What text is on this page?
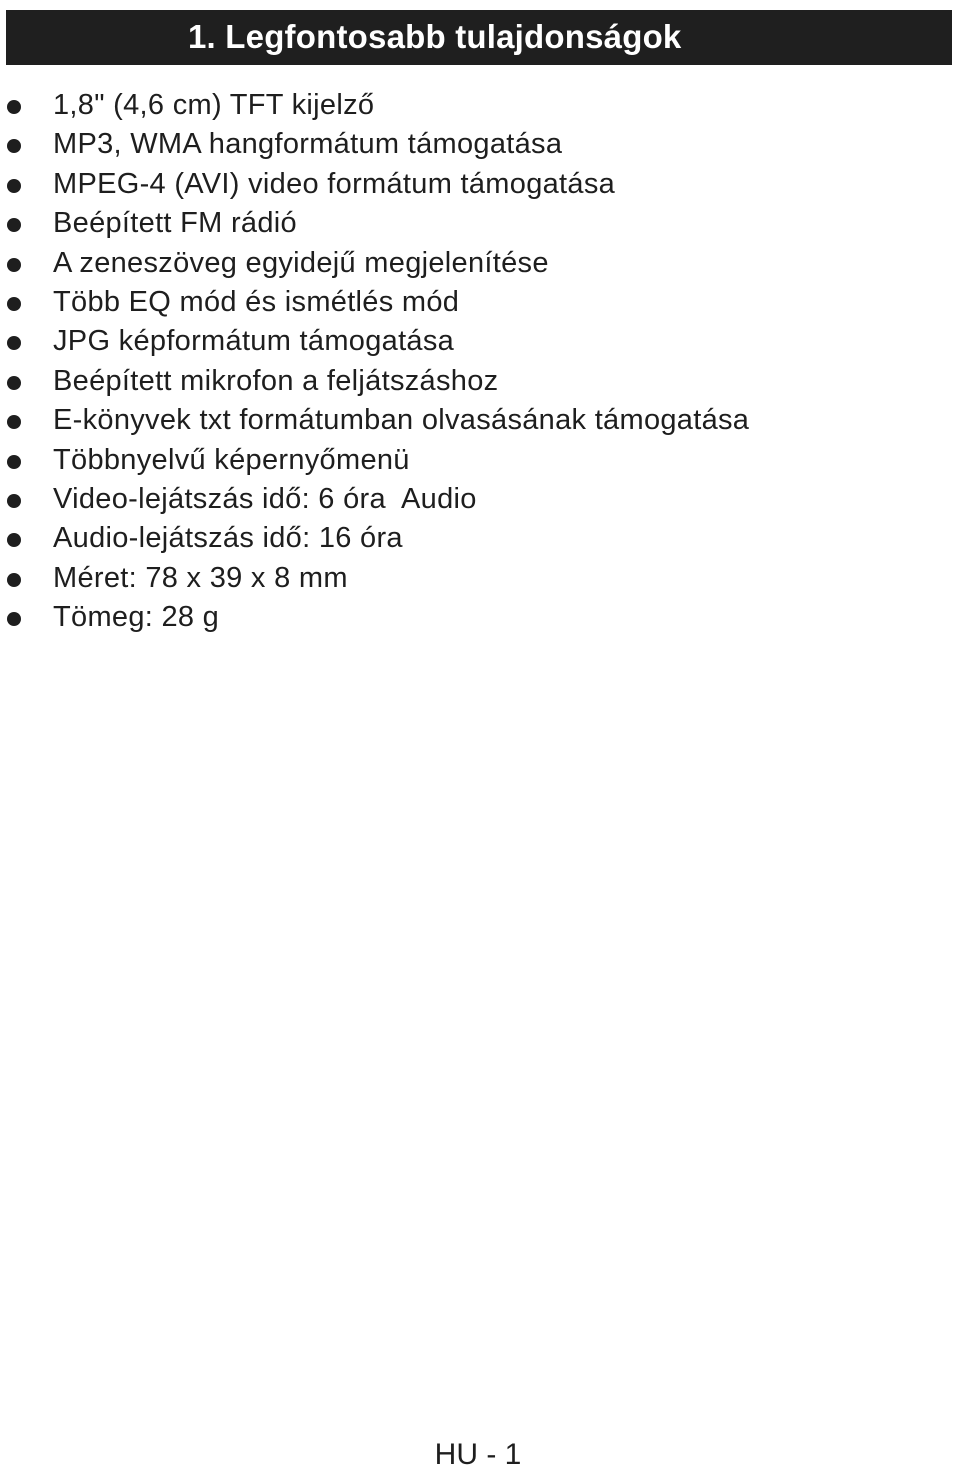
1. Legfontosabb tulajdonságok
1,8" (4,6 cm) TFT kijelző
MP3, WMA hangformátum támogatása
MPEG-4 (AVI) video formátum támogatása
Beépített FM rádió
A zeneszöveg egyidejű megjelenítése
Több EQ mód és ismétlés mód
JPG képformátum támogatása
Beépített mikrofon a feljátszáshoz
E-könyvek txt formátumban olvasásának támogatása
Többnyelvű képernyőmenü
Video-lejátszás idő: 6 óra  Audio
Audio-lejátszás idő: 16 óra
Méret: 78 x 39 x 8 mm
Tömeg: 28 g
HU - 1
